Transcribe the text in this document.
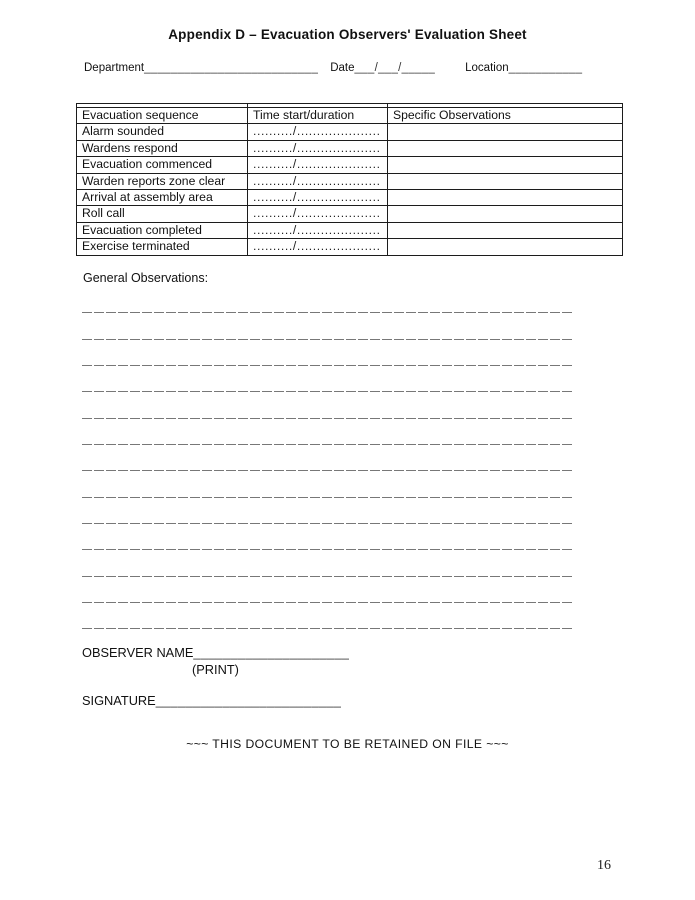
Appendix D – Evacuation Observers' Evaluation Sheet
Department__________________________ Date___/___/_____	Location___________

Evacuation sequence	Time start/duration	Specific Observations
Alarm sounded	........../.....................	
Wardens respond	........../.....................	
Evacuation commenced	........../.....................	
Warden reports zone clear	........../.....................	
Arrival at assembly area	........../.....................	
Roll call	........../.....................	
Evacuation completed	........../.....................	
Exercise terminated	........../.....................	
General Observations:
OBSERVER NAME_____________________
(PRINT)
SIGNATURE_________________________
~~~ THIS DOCUMENT TO BE RETAINED ON FILE ~~~
16
